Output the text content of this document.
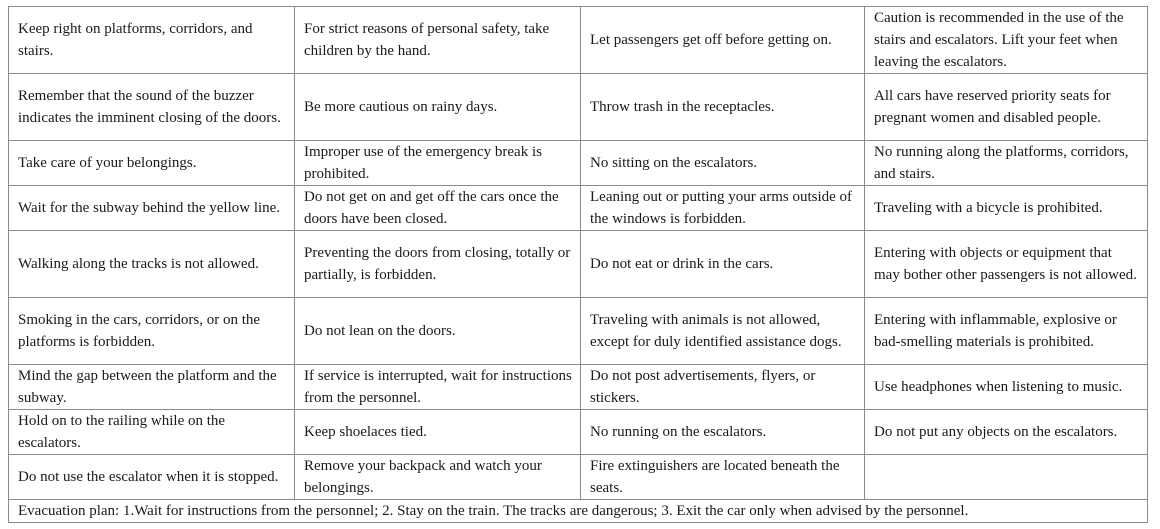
Keep right on platforms, corridors, and stairs.	For strict reasons of personal safety, take children by the hand.	Let passengers get off before getting on.	Caution is recommended in the use of the stairs and escalators. Lift your feet when leaving the escalators.
Remember that the sound of the buzzer indicates the imminent closing of the doors.	Be more cautious on rainy days.	Throw trash in the receptacles.	All cars have reserved priority seats for pregnant women and disabled people.
Take care of your belongings.	Improper use of the emergency break is prohibited.	No sitting on the escalators.	No running along the platforms, corridors, and stairs.
Wait for the subway behind the yellow line.	Do not get on and get off the cars once the doors have been closed.	Leaning out or putting your arms outside of the windows is forbidden.	Traveling with a bicycle is prohibited.
Walking along the tracks is not allowed.	Preventing the doors from closing, totally or partially, is forbidden.	Do not eat or drink in the cars.	Entering with objects or equipment that may bother other passengers is not allowed.
Smoking in the cars, corridors, or on the platforms is forbidden.	Do not lean on the doors.	Traveling with animals is not allowed, except for duly identified assistance dogs.	Entering with inflammable, explosive or bad-smelling materials is prohibited.
Mind the gap between the platform and the subway.	If service is interrupted, wait for instructions from the personnel.	Do not post advertisements, flyers, or stickers.	Use headphones when listening to music.
Hold on to the railing while on the escalators.	Keep shoelaces tied.	No running on the escalators.	Do not put any objects on the escalators.
Do not use the escalator when it is stopped.	Remove your backpack and watch your belongings.	Fire extinguishers are located beneath the seats.	
Evacuation plan: 1.Wait for instructions from the personnel; 2. Stay on the train. The tracks are dangerous; 3. Exit the car only when advised by the personnel.			
